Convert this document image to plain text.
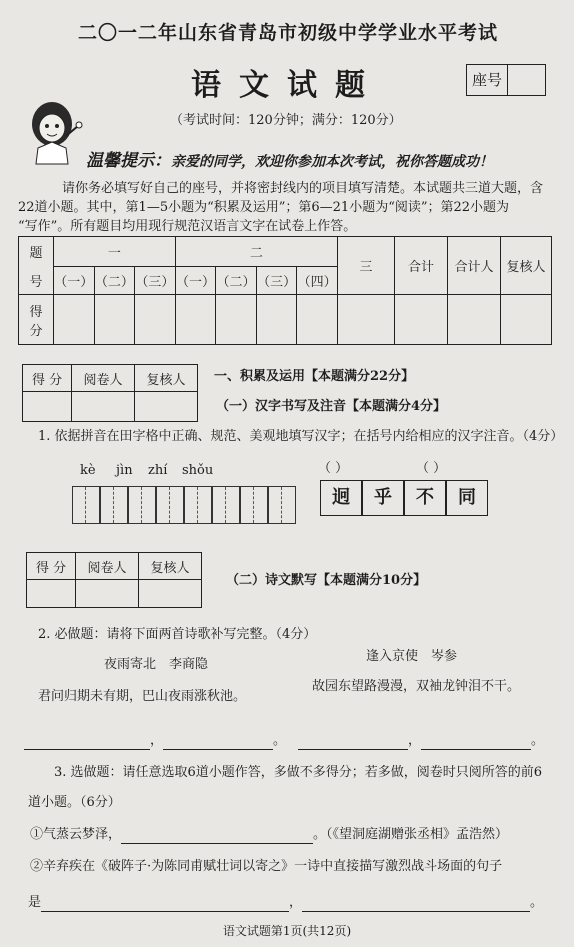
二〇一二年山东省青岛市初级中学学业水平考试
语文试题	座号
（考试时间：120分钟；满分：120分）
温馨提示：亲爱的同学，欢迎你参加本次考试，祝你答题成功！
请你务必填写好自己的座号，并将密封线内的项目填写清楚。本试题共三道大题，含
22道小题。其中，第1—5小题为“积累及运用”；第6—21小题为“阅读”；第22小题为
“写作”。所有题目均用现行规范汉语言文字在试卷上作答。
题	一			二				三	合计	合计人	复核人
号	（一）	（二）	（三）	（一）	（二）	（三）	（四）				

得
分											

得 分	阅卷人	复核人
		一、积累及运用【本题满分22分】
（一）汉字书写及注音【本题满分4分】
1. 依据拼音在田字格中正确、规范、美观地填写汉字；在括号内给相应的汉字注音。（4分）
kè jìn zhí shǒu	（ ）	（ ）
迥 乎 不 同
得 分	阅卷人	复核人

（二）诗文默写【本题满分10分】
2. 必做题：请将下面两首诗歌补写完整。（4分）
夜雨寄北　李商隐
逢入京使　岑参
君问归期未有期，巴山夜雨涨秋池。
故园东望路漫漫，双袖龙钟泪不干。
，	。	，	。
3. 选做题：请任意选取6道小题作答，多做不多得分；若多做，阅卷时只阅所答的前6
道小题。（6分）
①气蒸云梦泽，	。（《望洞庭湖赠张丞相》孟浩然）
②辛弃疾在《破阵子·为陈同甫赋壮词以寄之》一诗中直接描写激烈战斗场面的句子
是	，	。
语文试题第1页(共12页)
